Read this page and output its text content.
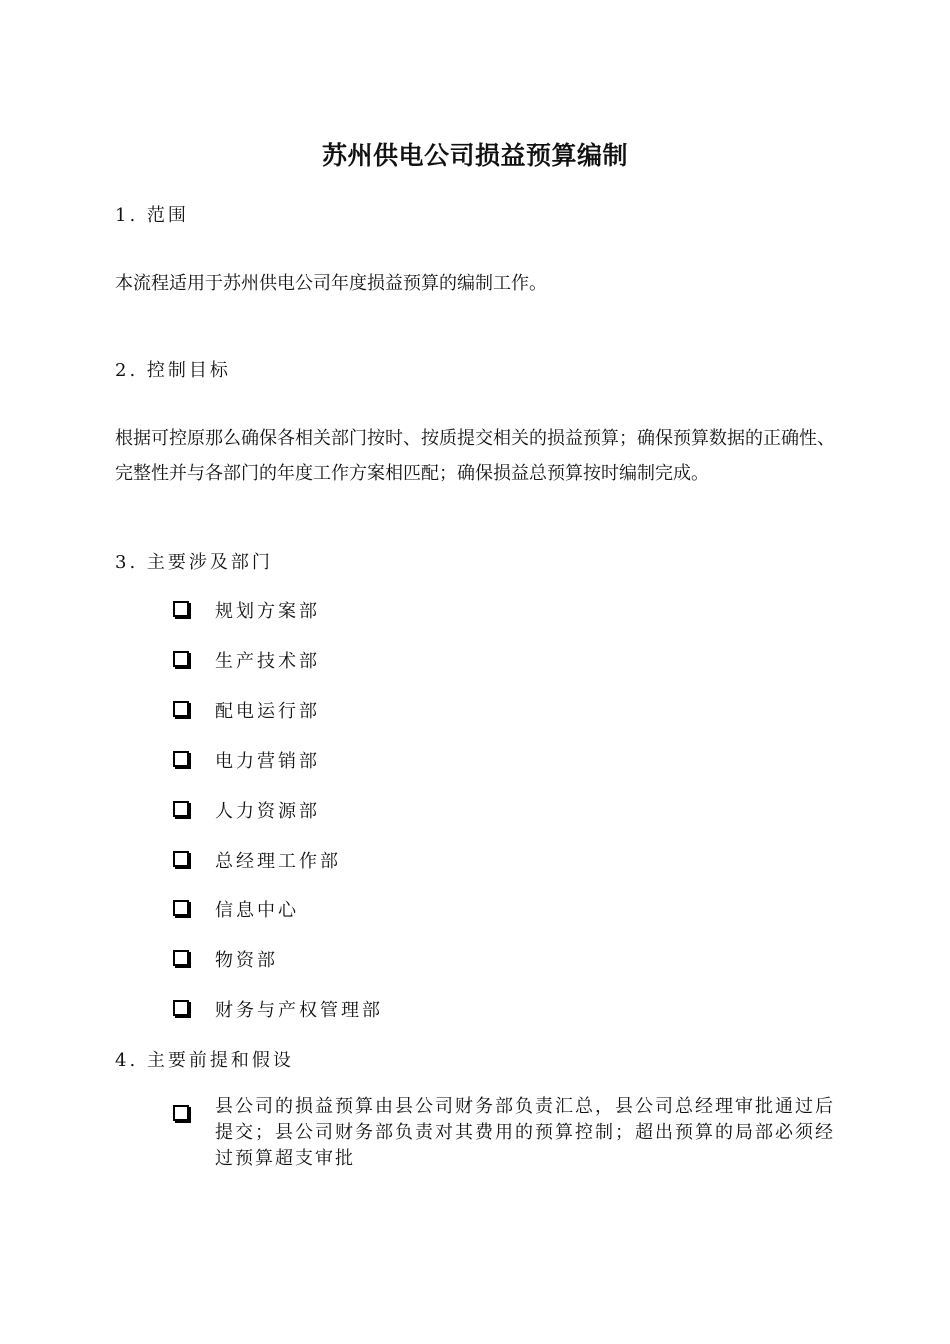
苏州供电公司损益预算编制
1. 范围
本流程适用于苏州供电公司年度损益预算的编制工作。
2. 控制目标
根据可控原那么确保各相关部门按时、按质提交相关的损益预算；确保预算数据的正确性、完整性并与各部门的年度工作方案相匹配；确保损益总预算按时编制完成。
3. 主要涉及部门
规划方案部
生产技术部
配电运行部
电力营销部
人力资源部
总经理工作部
信息中心
物资部
财务与产权管理部
4. 主要前提和假设
县公司的损益预算由县公司财务部负责汇总，县公司总经理审批通过后提交；县公司财务部负责对其费用的预算控制；超出预算的局部必须经过预算超支审批
